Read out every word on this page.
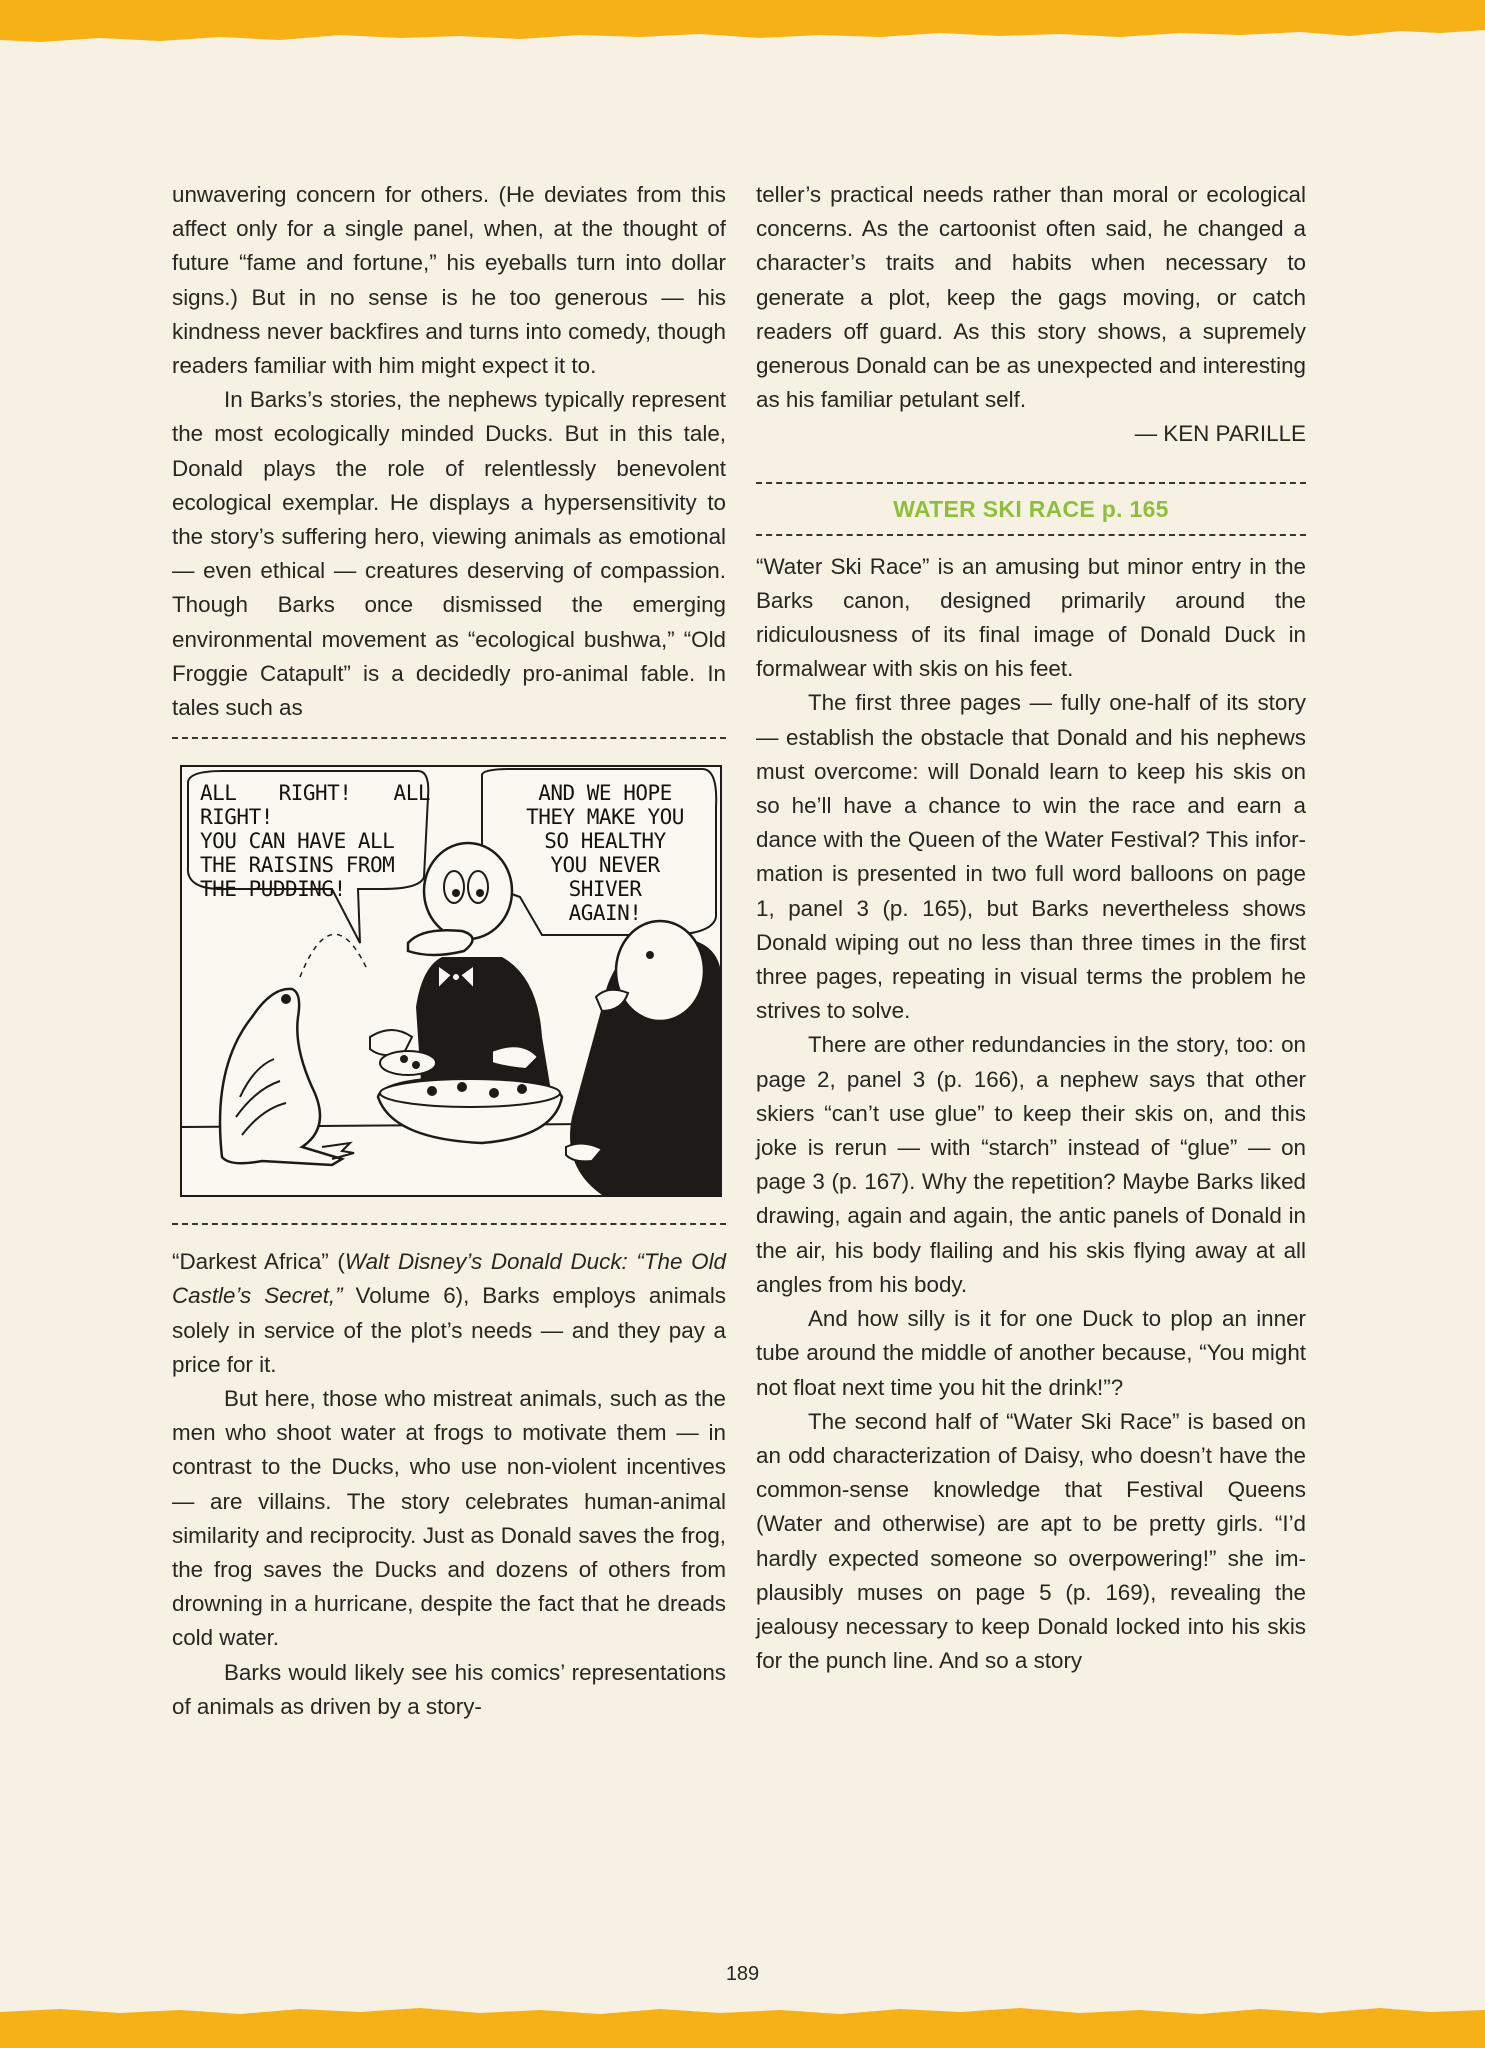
unwavering concern for others. (He deviates from this affect only for a single panel, when, at the thought of future “fame and fortune,” his eyeballs turn into dollar signs.) But in no sense is he too generous — his kindness never backfires and turns into comedy, though readers familiar with him might expect it to.

In Barks’s stories, the nephews typically represent the most ecologically minded Ducks. But in this tale, Donald plays the role of relentlessly benevolent ecological exemplar. He displays a hypersensitivity to the story’s suffering hero, viewing animals as emotional — even ethical — creatures deserving of compassion. Though Barks once dismissed the emerging environmental movement as “ecological bushwa,” “Old Froggie Catapult” is a decidedly pro-animal fable. In tales such as

ALL RIGHT! ALL RIGHT!
YOU CAN HAVE ALL
THE RAISINS FROM
THE PUDDING!
AND WE HOPE
THEY MAKE YOU
SO HEALTHY
YOU NEVER
SHIVER
AGAIN!

“Darkest Africa” (Walt Disney’s Donald Duck: “The Old Castle’s Secret,” Volume 6), Barks employs animals solely in service of the plot’s needs — and they pay a price for it.

But here, those who mistreat animals, such as the men who shoot water at frogs to motivate them — in contrast to the Ducks, who use non-violent incentives — are villains. The story celebrates human-animal similarity and reciprocity. Just as Donald saves the frog, the frog saves the Ducks and dozens of others from drowning in a hurricane, despite the fact that he dreads cold water.

Barks would likely see his comics’ representations of animals as driven by a story-

teller’s practical needs rather than moral or ecological concerns. As the cartoonist often said, he changed a character’s traits and habits when necessary to generate a plot, keep the gags moving, or catch readers off guard. As this story shows, a supremely generous Donald can be as unexpected and interesting as his familiar petulant self.

— KEN PARILLE

WATER SKI RACE p. 165

“Water Ski Race” is an amusing but minor entry in the Barks canon, designed primarily around the ridiculousness of its final image of Donald Duck in formalwear with skis on his feet.

The first three pages — fully one-half of its story — establish the obstacle that Donald and his nephews must overcome: will Donald learn to keep his skis on so he’ll have a chance to win the race and earn a dance with the Queen of the Water Festival? This information is presented in two full word balloons on page 1, panel 3 (p. 165), but Barks nevertheless shows Donald wiping out no less than three times in the first three pages, repeating in visual terms the problem he strives to solve.

There are other redundancies in the story, too: on page 2, panel 3 (p. 166), a nephew says that other skiers “can’t use glue” to keep their skis on, and this joke is rerun — with “starch” instead of “glue” — on page 3 (p. 167). Why the repetition? Maybe Barks liked drawing, again and again, the antic panels of Donald in the air, his body flailing and his skis flying away at all angles from his body.

And how silly is it for one Duck to plop an inner tube around the middle of another because, “You might not float next time you hit the drink!”?

The second half of “Water Ski Race” is based on an odd characterization of Daisy, who doesn’t have the common-sense knowledge that Festival Queens (Water and otherwise) are apt to be pretty girls. “I’d hardly expected someone so overpowering!” she implausibly muses on page 5 (p. 169), revealing the jealousy necessary to keep Donald locked into his skis for the punch line. And so a story

189
